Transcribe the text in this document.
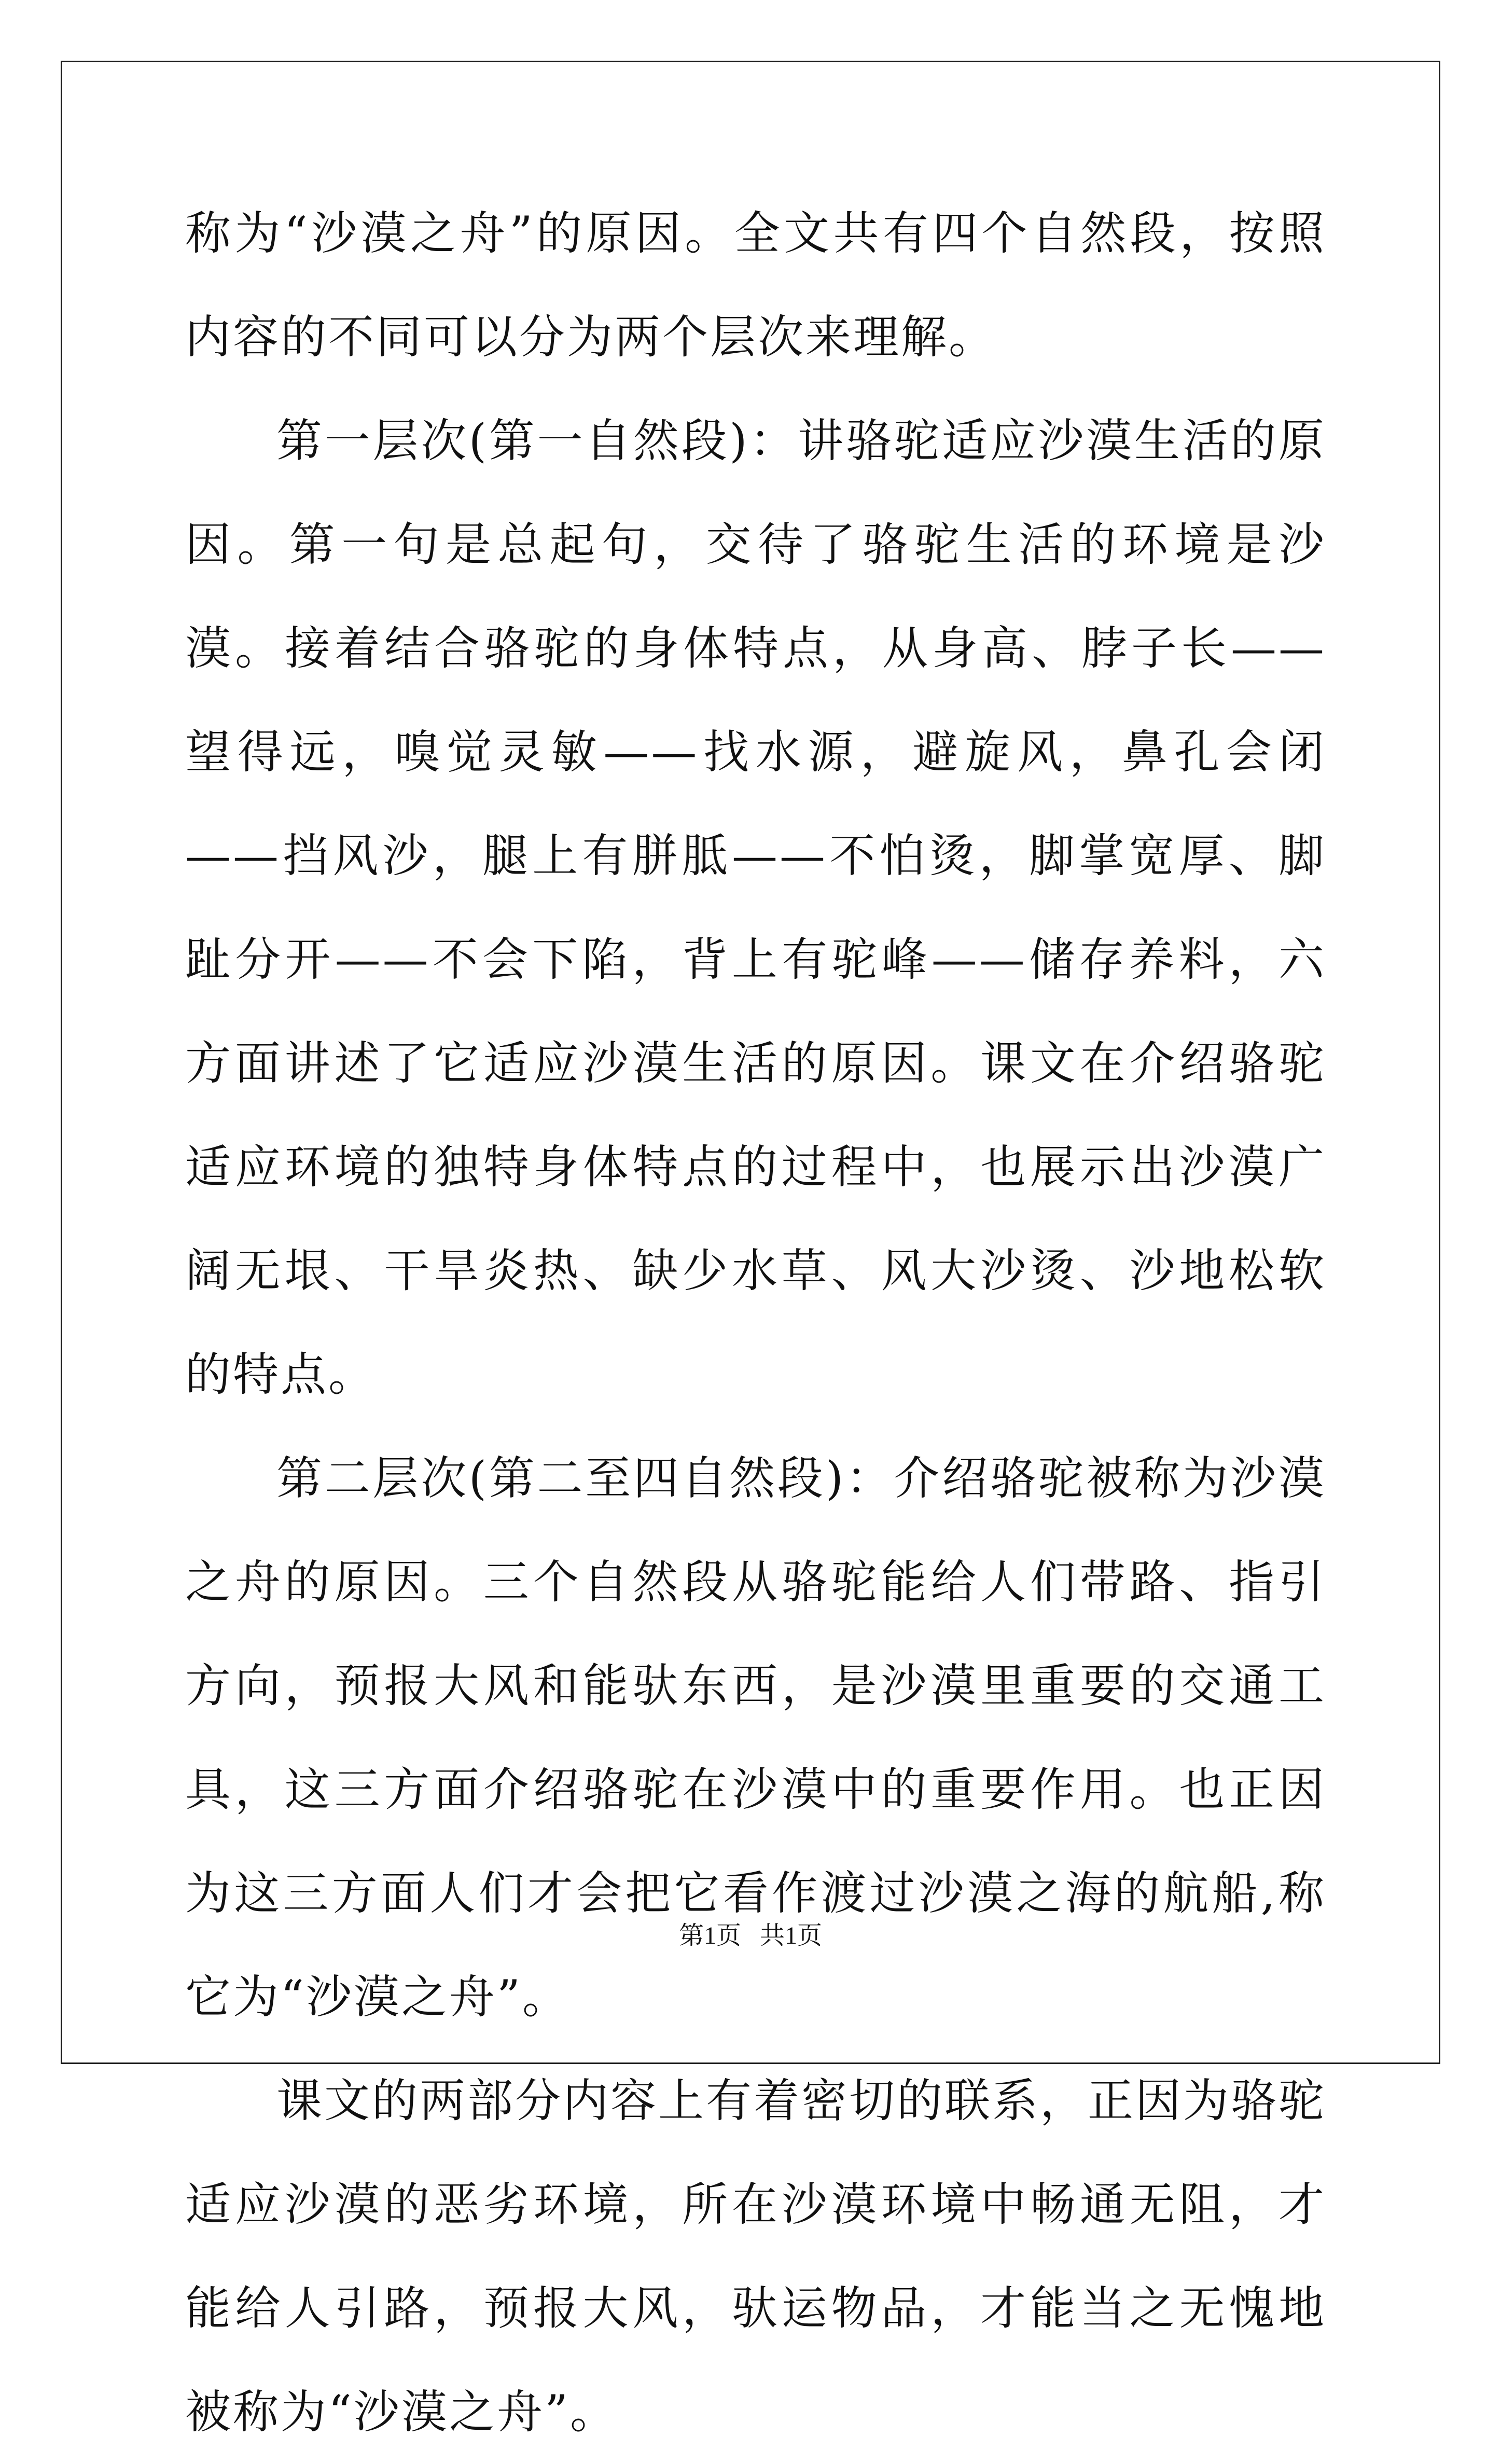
称为“沙漠之舟”的原因。全文共有四个自然段，按照内容的不同可以分为两个层次来理解。

第一层次(第一自然段)：讲骆驼适应沙漠生活的原因。第一句是总起句，交待了骆驼生活的环境是沙漠。接着结合骆驼的身体特点，从身高、脖子长——望得远，嗅觉灵敏——找水源，避旋风，鼻孔会闭——挡风沙，腿上有胼胝——不怕烫，脚掌宽厚、脚趾分开——不会下陷，背上有驼峰——储存养料，六方面讲述了它适应沙漠生活的原因。课文在介绍骆驼适应环境的独特身体特点的过程中，也展示出沙漠广阔无垠、干旱炎热、缺少水草、风大沙烫、沙地松软的特点。

第二层次(第二至四自然段)：介绍骆驼被称为沙漠之舟的原因。三个自然段从骆驼能给人们带路、指引方向，预报大风和能驮东西，是沙漠里重要的交通工具，这三方面介绍骆驼在沙漠中的重要作用。也正因为这三方面人们才会把它看作渡过沙漠之海的航船,称它为“沙漠之舟”。

课文的两部分内容上有着密切的联系，正因为骆驼适应沙漠的恶劣环境，所在沙漠环境中畅通无阻，才能给人引路，预报大风，驮运物品，才能当之无愧地被称为“沙漠之舟”。

第1页   共1页
